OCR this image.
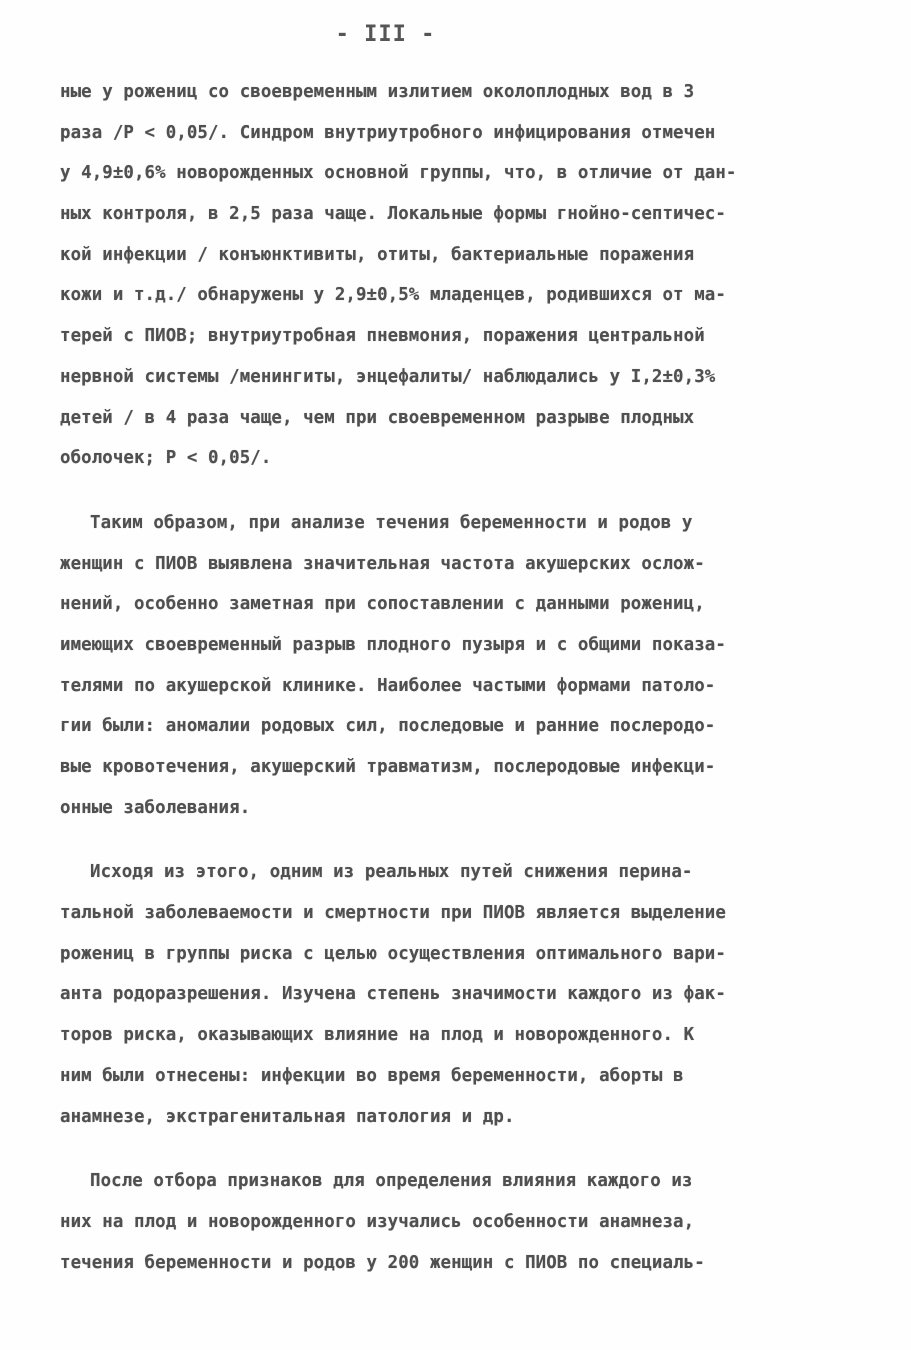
- III -
ные у рожениц со своевременным излитием околоплодных вод в 3
раза /Р < 0,05/. Синдром внутриутробного инфицирования отмечен
у 4,9±0,6% новорожденных основной группы, что, в отличие от дан-
ных контроля, в 2,5 раза чаще. Локальные формы гнойно-септичес-
кой инфекции / конъюнктивиты, отиты, бактериальные поражения
кожи и т.д./ обнаружены у 2,9±0,5% младенцев, родившихся от ма-
терей с ПИОВ; внутриутробная пневмония, поражения центральной
нервной системы /менингиты, энцефалиты/ наблюдались у I,2±0,3%
детей / в 4 раза чаще, чем при своевременном разрыве плодных
оболочек; Р < 0,05/.
Таким образом, при анализе течения беременности и родов у
женщин с ПИОВ выявлена значительная частота акушерских ослож-
нений, особенно заметная при сопоставлении с данными рожениц,
имеющих своевременный разрыв плодного пузыря и с общими показа-
телями по акушерской клинике. Наиболее частыми формами патоло-
гии были: аномалии родовых сил, последовые и ранние послеродо-
вые кровотечения, акушерский травматизм, послеродовые инфекци-
онные заболевания.
Исходя из этого, одним из реальных путей снижения перина-
тальной заболеваемости и смертности при ПИОВ является выделение
рожениц в группы риска с целью осуществления оптимального вари-
анта родоразрешения. Изучена степень значимости каждого из фак-
торов риска, оказывающих влияние на плод и новорожденного. К
ним были отнесены: инфекции во время беременности, аборты в
анамнезе, экстрагенитальная патология и др.
После отбора признаков для определения влияния каждого из
них на плод и новорожденного изучались особенности анамнеза,
течения беременности и родов у 200 женщин с ПИОВ по специаль-
